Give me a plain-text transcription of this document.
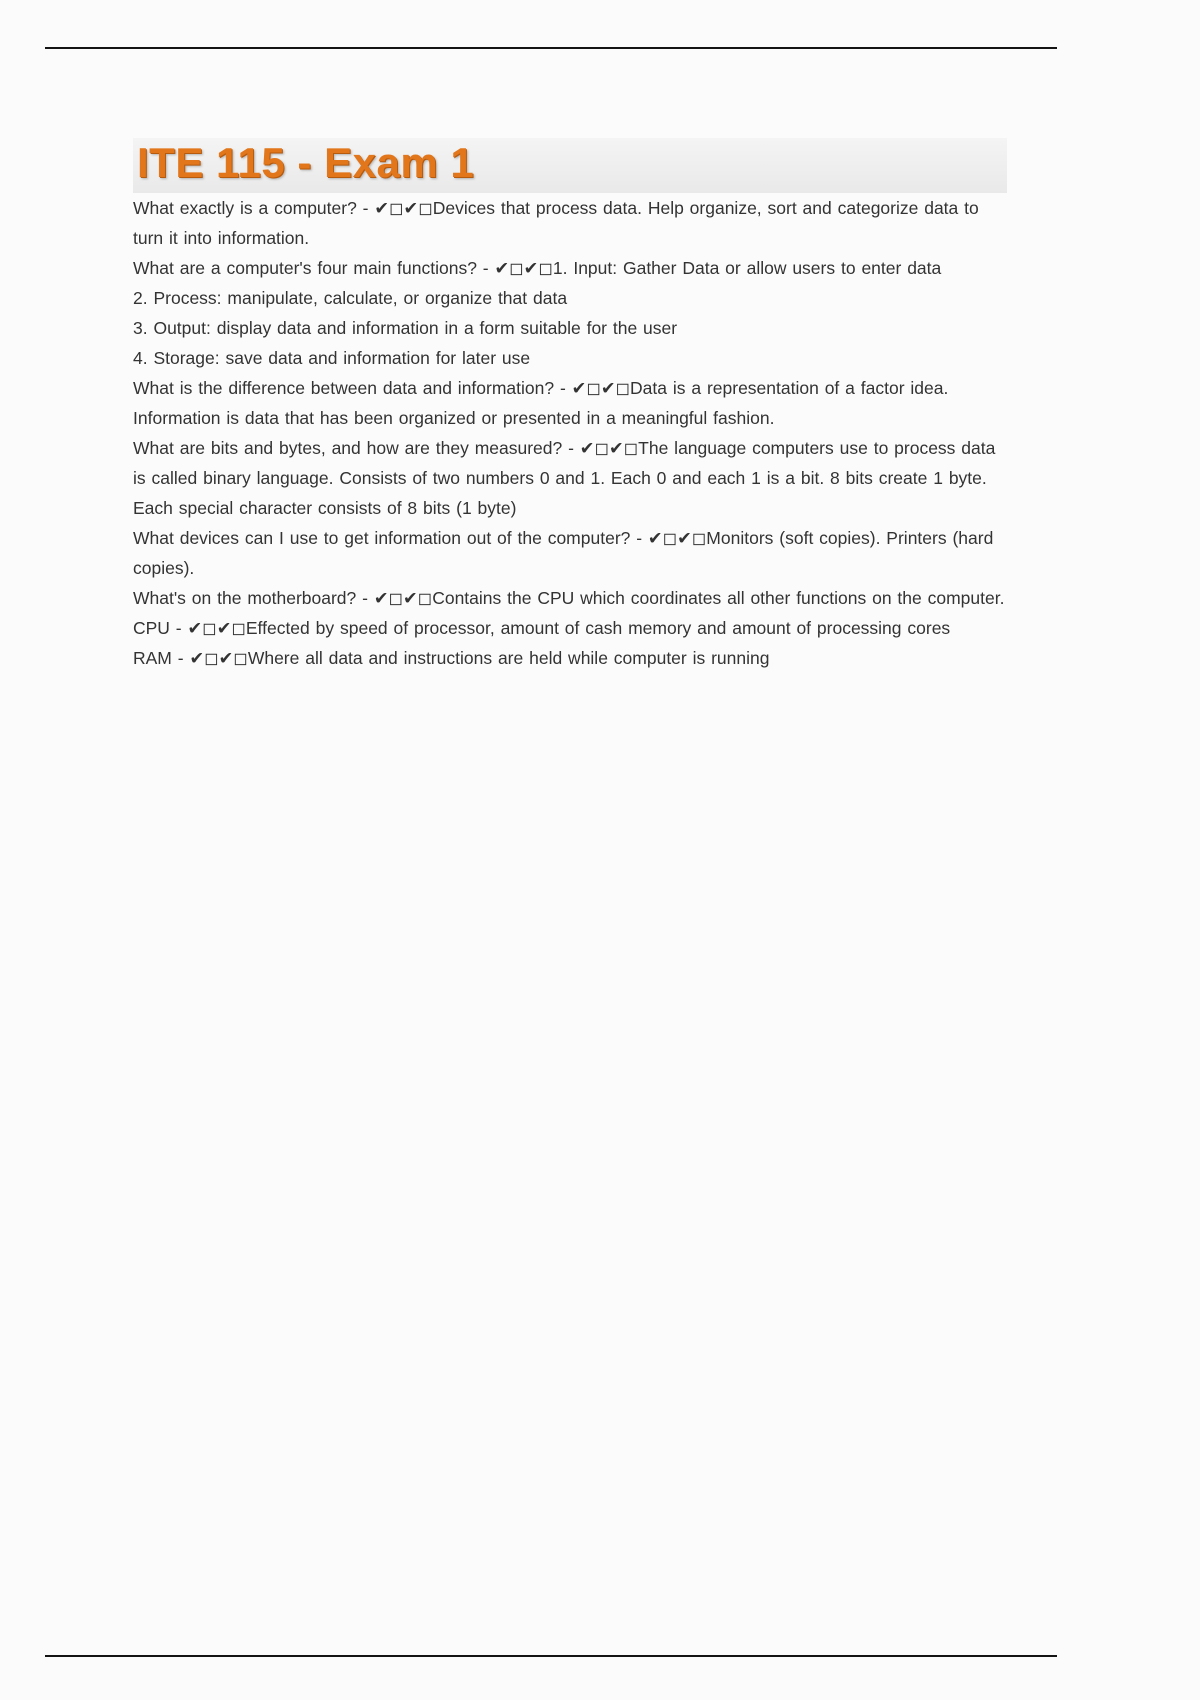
ITE 115 - Exam 1

What exactly is a computer? - ✔◻✔◻Devices that process data. Help organize, sort and categorize data to turn it into information.

What are a computer's four main functions? - ✔◻✔◻1. Input: Gather Data or allow users to enter data

2. Process: manipulate, calculate, or organize that data

3. Output: display data and information in a form suitable for the user

4. Storage: save data and information for later use

What is the difference between data and information? - ✔◻✔◻Data is a representation of a factor idea. Information is data that has been organized or presented in a meaningful fashion.

What are bits and bytes, and how are they measured? - ✔◻✔◻The language computers use to process data is called binary language. Consists of two numbers 0 and 1. Each 0 and each 1 is a bit. 8 bits create 1 byte. Each special character consists of 8 bits (1 byte)

What devices can I use to get information out of the computer? - ✔◻✔◻Monitors (soft copies). Printers (hard copies).

What's on the motherboard? - ✔◻✔◻Contains the CPU which coordinates all other functions on the computer.

CPU - ✔◻✔◻Effected by speed of processor, amount of cash memory and amount of processing cores

RAM - ✔◻✔◻Where all data and instructions are held while computer is running
